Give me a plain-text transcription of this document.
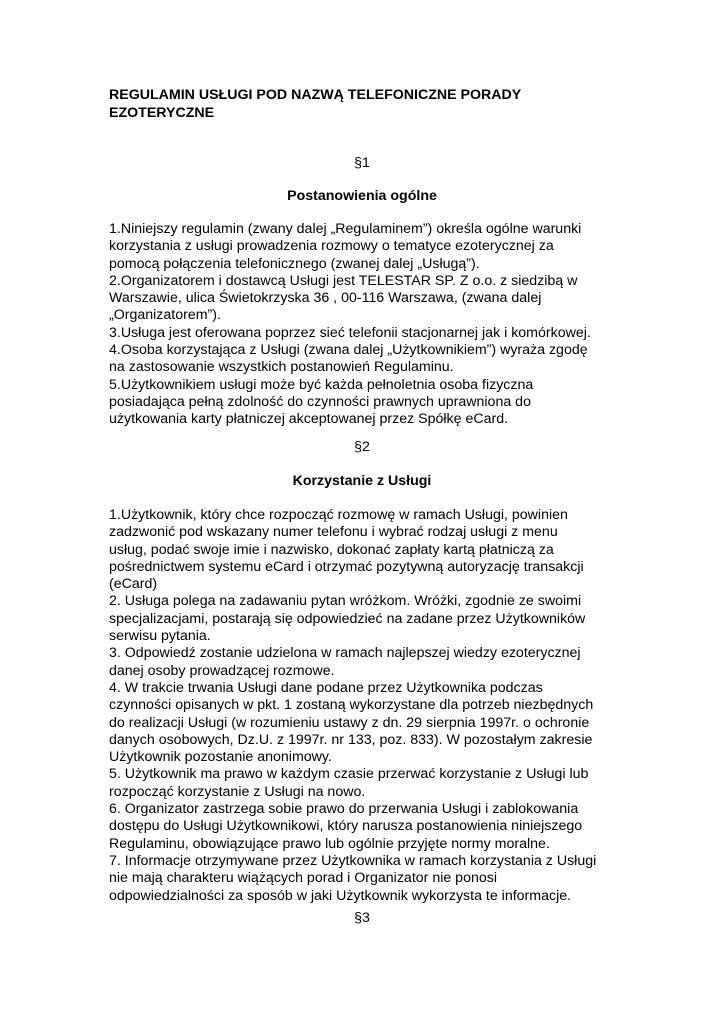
REGULAMIN USŁUGI POD NAZWĄ TELEFONICZNE PORADY
EZOTERYCZNE
§1
Postanowienia ogólne
1.Niniejszy regulamin (zwany dalej „Regulaminem”) określa ogólne warunki
korzystania z usługi prowadzenia rozmowy o tematyce ezoterycznej za
pomocą połączenia telefonicznego (zwanej dalej „Usługą”).
2.Organizatorem i dostawcą Usługi jest TELESTAR SP. Z o.o. z siedzibą w
Warszawie, ulica Świetokrzyska 36 , 00-116 Warszawa, (zwana dalej
„Organizatorem”).
3.Usługa jest oferowana poprzez sieć telefonii stacjonarnej jak i komórkowej.
4.Osoba korzystająca z Usługi (zwana dalej „Użytkownikiem”) wyraża zgodę
na zastosowanie wszystkich postanowień Regulaminu.
5.Użytkownikiem usługi może być każda pełnoletnia osoba fizyczna
posiadająca pełną zdolność do czynności prawnych uprawniona do
użytkowania karty płatniczej akceptowanej przez Spółkę eCard.
§2
Korzystanie z Usługi
1.Użytkownik, który chce rozpocząć rozmowę w ramach Usługi, powinien
zadzwonić pod wskazany numer telefonu i wybrać rodzaj usługi z menu
usług, podać swoje imie i nazwisko, dokonać zapłaty kartą płatniczą za
pośrednictwem systemu eCard i otrzymać pozytywną autoryzację transakcji
(eCard)
2. Usługa polega na zadawaniu pytan wróżkom. Wróżki, zgodnie ze swoimi
specjalizacjami, postarają się odpowiedzieć na zadane przez Użytkowników
serwisu pytania.
3. Odpowiedź zostanie udzielona w ramach najlepszej wiedzy ezoterycznej
danej osoby prowadzącej rozmowe.
4. W trakcie trwania Usługi dane podane przez Użytkownika podczas
czynności opisanych w pkt. 1 zostaną wykorzystane dla potrzeb niezbędnych
do realizacji Usługi (w rozumieniu ustawy z dn. 29 sierpnia 1997r. o ochronie
danych osobowych, Dz.U. z 1997r. nr 133, poz. 833). W pozostałym zakresie
Użytkownik pozostanie anonimowy.
5. Użytkownik ma prawo w każdym czasie przerwać korzystanie z Usługi lub
rozpocząć korzystanie z Usługi na nowo.
6. Organizator zastrzega sobie prawo do przerwania Usługi i zablokowania
dostępu do Usługi Użytkownikowi, który narusza postanowienia niniejszego
Regulaminu, obowiązujące prawo lub ogólnie przyjęte normy moralne.
7. Informacje otrzymywane przez Użytkownika w ramach korzystania z Usługi
nie mają charakteru wiążących porad i Organizator nie ponosi
odpowiedzialności za sposób w jaki Użytkownik wykorzysta te informacje.
§3
